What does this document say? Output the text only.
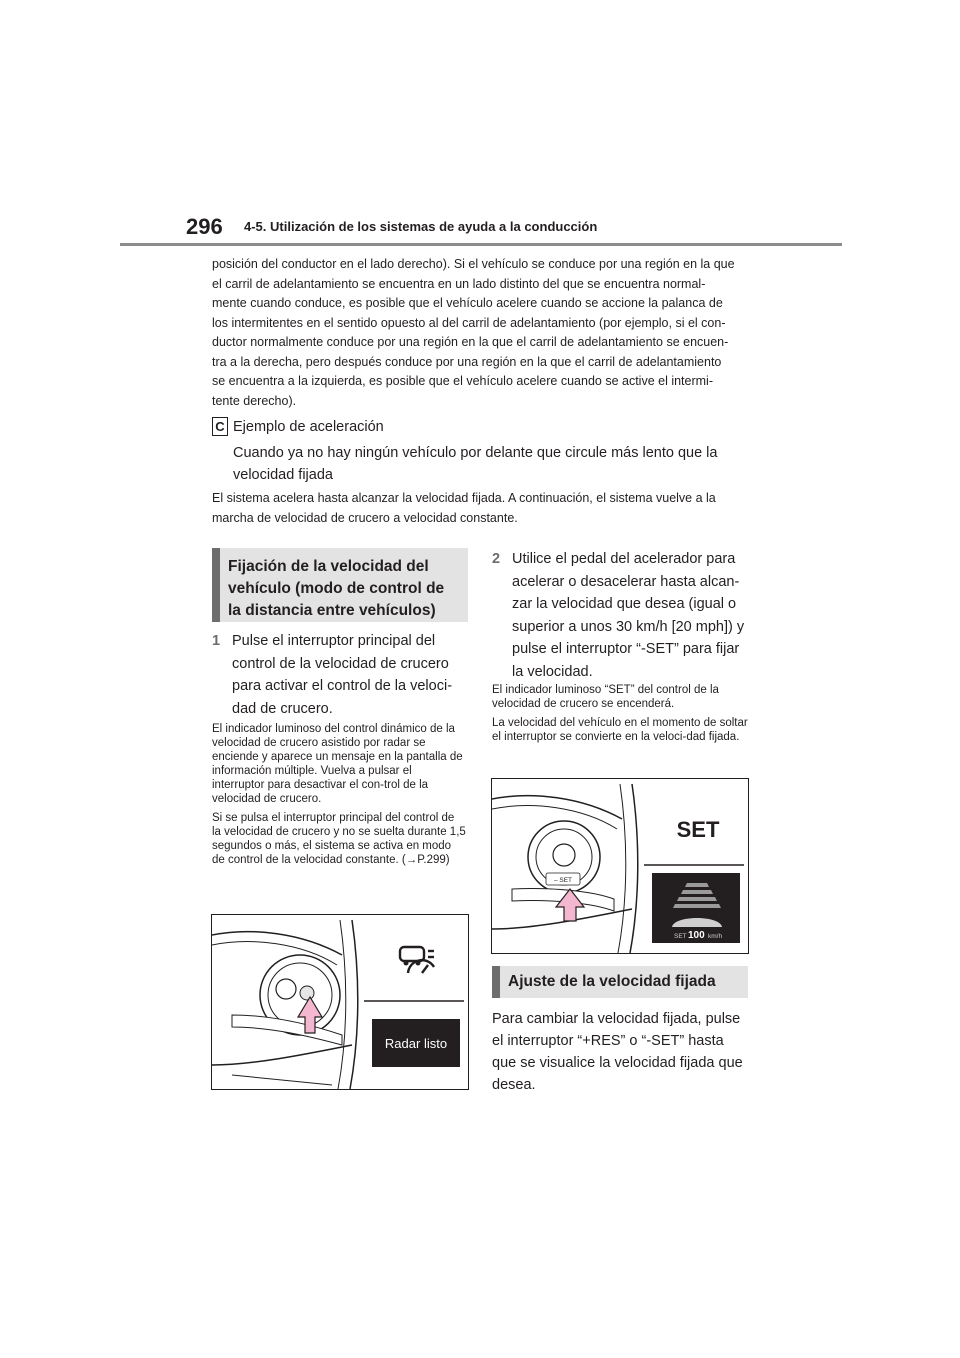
296 4-5. Utilización de los sistemas de ayuda a la conducción
posición del conductor en el lado derecho). Si el vehículo se conduce por una región en la que
el carril de adelantamiento se encuentra en un lado distinto del que se encuentra normal-
mente cuando conduce, es posible que el vehículo acelere cuando se accione la palanca de
los intermitentes en el sentido opuesto al del carril de adelantamiento (por ejemplo, si el con-
ductor normalmente conduce por una región en la que el carril de adelantamiento se encuen-
tra a la derecha, pero después conduce por una región en la que el carril de adelantamiento
se encuentra a la izquierda, es posible que el vehículo acelere cuando se active el intermi-
tente derecho).
C Ejemplo de aceleración
Cuando ya no hay ningún vehículo por delante que circule más lento que la velocidad fijada
El sistema acelera hasta alcanzar la velocidad fijada. A continuación, el sistema vuelve a la marcha de velocidad de crucero a velocidad constante.
Fijación de la velocidad del vehículo (modo de control de la distancia entre vehículos)
1 Pulse el interruptor principal del control de la velocidad de crucero para activar el control de la veloci-dad de crucero.

El indicador luminoso del control dinámico de la velocidad de crucero asistido por radar se enciende y aparece un mensaje en la pantalla de información múltiple. Vuelva a pulsar el interruptor para desactivar el con-trol de la velocidad de crucero.

Si se pulsa el interruptor principal del control de la velocidad de crucero y no se suelta durante 1,5 segundos o más, el sistema se activa en modo de control de la velocidad constante. (→P.299)

Radar listo
2 Utilice el pedal del acelerador para acelerar o desacelerar hasta alcan-zar la velocidad que desea (igual o superior a unos 30 km/h [20 mph]) y pulse el interruptor “-SET” para fijar la velocidad.

El indicador luminoso “SET” del control de la velocidad de crucero se encenderá.

La velocidad del vehículo en el momento de soltar el interruptor se convierte en la veloci-dad fijada.

– SET
SET
SET 100 km/h
Ajuste de la velocidad fijada
Para cambiar la velocidad fijada, pulse el interruptor “+RES” o “-SET” hasta que se visualice la velocidad fijada que desea.
